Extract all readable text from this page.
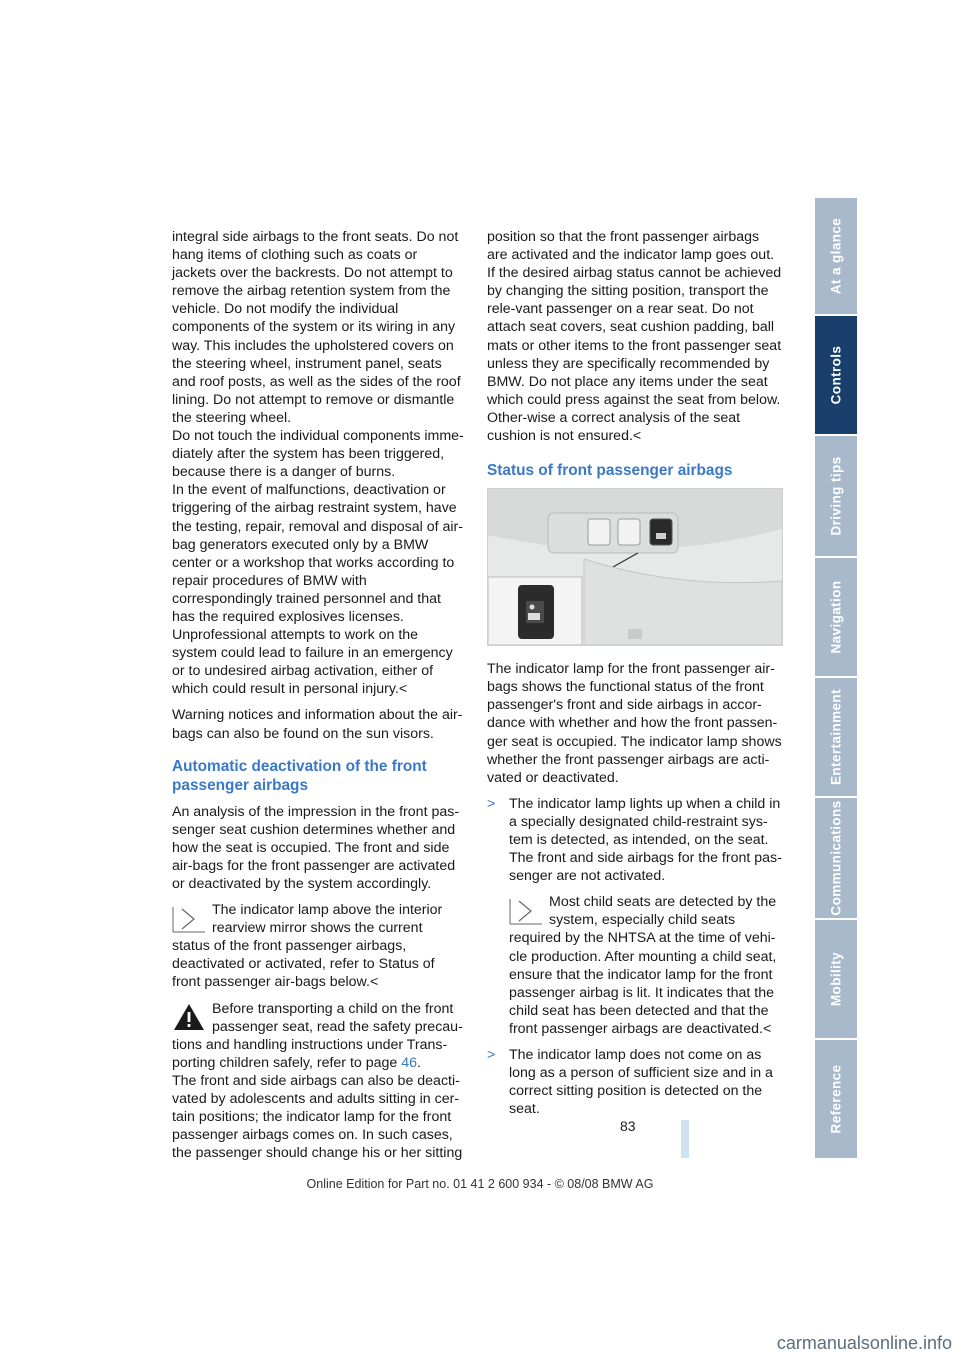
integral side airbags to the front seats. Do not hang items of clothing such as coats or jackets over the backrests. Do not attempt to remove the airbag retention system from the vehicle. Do not modify the individual components of the system or its wiring in any way. This includes the upholstered covers on the steering wheel, instrument panel, seats and roof posts, as well as the sides of the roof lining. Do not attempt to remove or dismantle the steering wheel.

Do not touch the individual components imme-diately after the system has been triggered, because there is a danger of burns.

In the event of malfunctions, deactivation or triggering of the airbag restraint system, have the testing, repair, removal and disposal of air-bag generators executed only by a BMW center or a workshop that works according to repair procedures of BMW with correspondingly trained personnel and that has the required explosives licenses. Unprofessional attempts to work on the system could lead to failure in an emergency or to undesired airbag activation, either of which could result in personal injury.<

Warning notices and information about the air-bags can also be found on the sun visors.

Automatic deactivation of the front passenger airbags

An analysis of the impression in the front pas-senger seat cushion determines whether and how the seat is occupied. The front and side air-bags for the front passenger are activated or deactivated by the system accordingly.

The indicator lamp above the interior rearview mirror shows the current status of the front passenger airbags, deactivated or activated, refer to Status of front passenger air-bags below.<

Before transporting a child on the front passenger seat, read the safety precau-tions and handling instructions under Trans-porting children safely, refer to page 46.

The front and side airbags can also be deacti-vated by adolescents and adults sitting in cer-tain positions; the indicator lamp for the front passenger airbags comes on. In such cases, the passenger should change his or her sitting

position so that the front passenger airbags are activated and the indicator lamp goes out. If the desired airbag status cannot be achieved by changing the sitting position, transport the rele-vant passenger on a rear seat. Do not attach seat covers, seat cushion padding, ball mats or other items to the front passenger seat unless they are specifically recommended by BMW. Do not place any items under the seat which could press against the seat from below. Other-wise a correct analysis of the seat cushion is not ensured.<

Status of front passenger airbags

The indicator lamp for the front passenger air-bags shows the functional status of the front passenger's front and side airbags in accor-dance with whether and how the front passen-ger seat is occupied. The indicator lamp shows whether the front passenger airbags are acti-vated or deactivated.

> The indicator lamp lights up when a child in a specially designated child-restraint sys-tem is detected, as intended, on the seat. The front and side airbags for the front pas-senger are not activated.
Most child seats are detected by the system, especially child seats required by the NHTSA at the time of vehi-cle production. After mounting a child seat, ensure that the indicator lamp for the front passenger airbag is lit. It indicates that the child seat has been detected and that the front passenger airbags are deactivated.<
> The indicator lamp does not come on as long as a person of sufficient size and in a correct sitting position is detected on the seat.
At a glance
Controls
Driving tips
Navigation
Entertainment
Communications
Mobility
Reference
83
Online Edition for Part no. 01 41 2 600 934 - © 08/08 BMW AG
carmanualsonline.info
